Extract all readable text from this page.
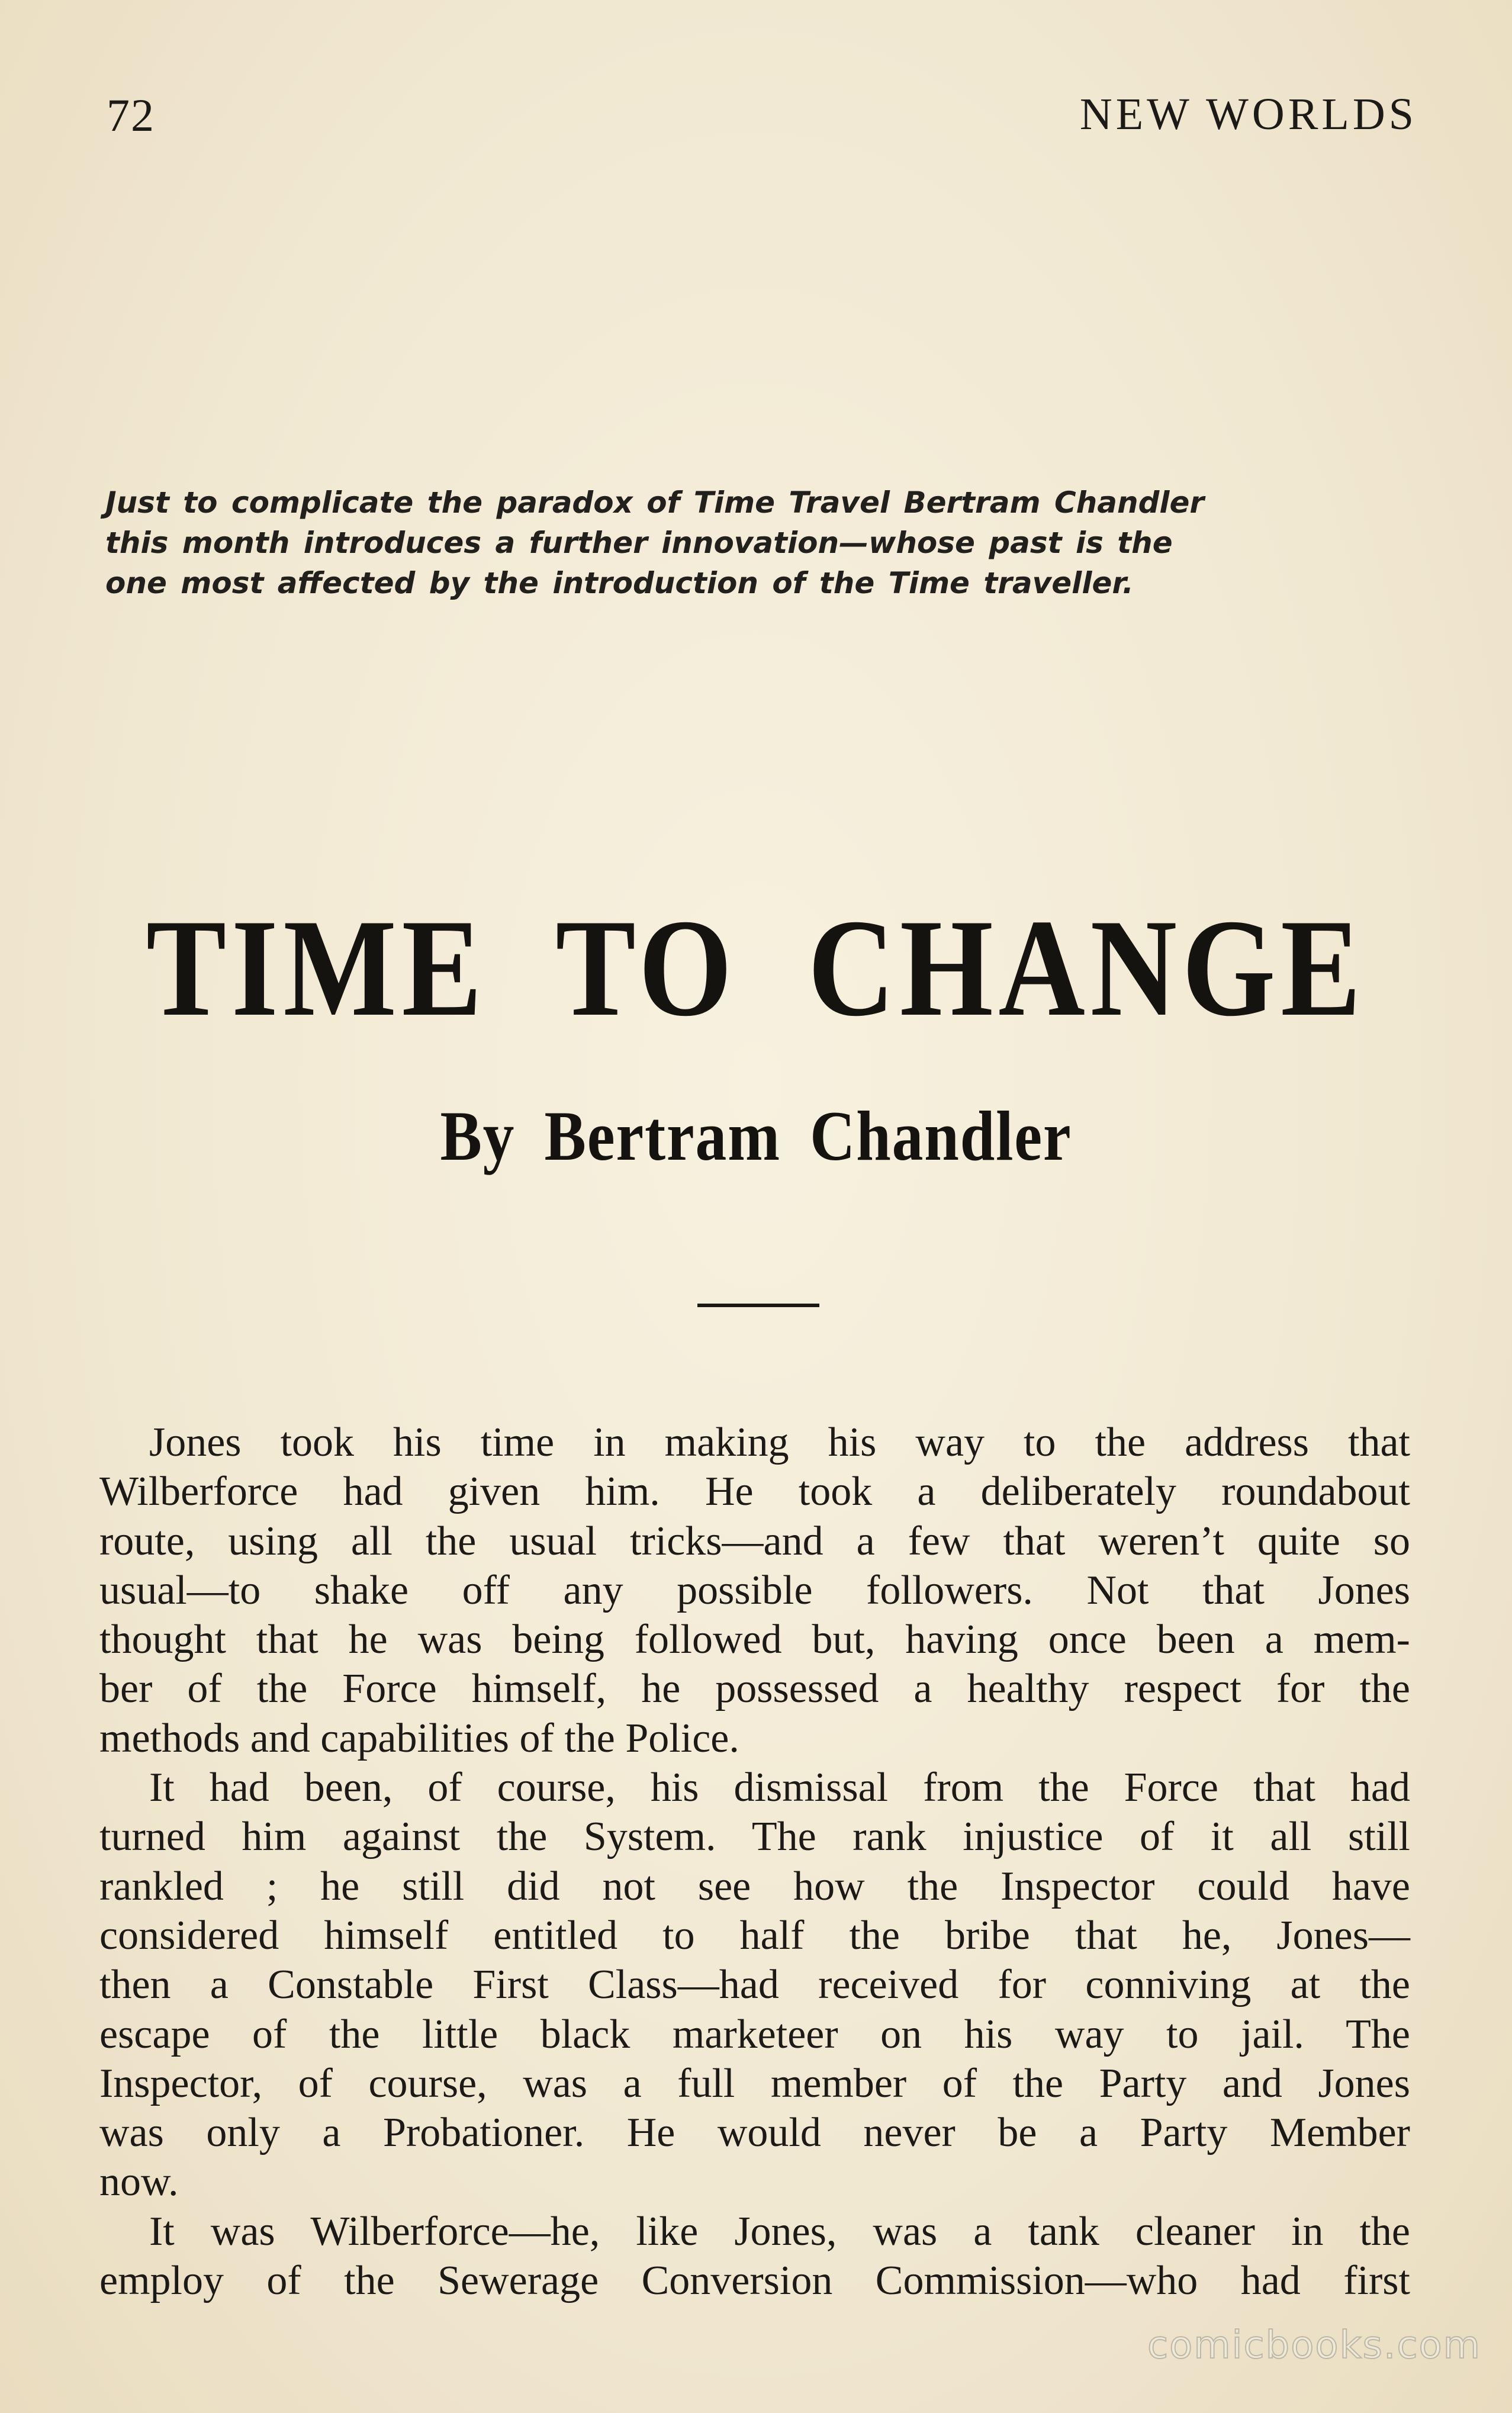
72	NEW WORLDS
Just to complicate the paradox of Time Travel Bertram Chandler
this month introduces a further innovation—whose past is the
one most affected by the introduction of the Time traveller.
TIME TO CHANGE
By Bertram Chandler
Jones took his time in making his way to the address that
Wilberforce had given him. He took a deliberately roundabout
route, using all the usual tricks—and a few that weren’t quite so
usual—to shake off any possible followers. Not that Jones
thought that he was being followed but, having once been a mem-
ber of the Force himself, he possessed a healthy respect for the
methods and capabilities of the Police.
It had been, of course, his dismissal from the Force that had
turned him against the System. The rank injustice of it all still
rankled ; he still did not see how the Inspector could have
considered himself entitled to half the bribe that he, Jones—
then a Constable First Class—had received for conniving at the
escape of the little black marketeer on his way to jail. The
Inspector, of course, was a full member of the Party and Jones
was only a Probationer. He would never be a Party Member
now.
It was Wilberforce—he, like Jones, was a tank cleaner in the
employ of the Sewerage Conversion Commission—who had first
comicbooks.com
